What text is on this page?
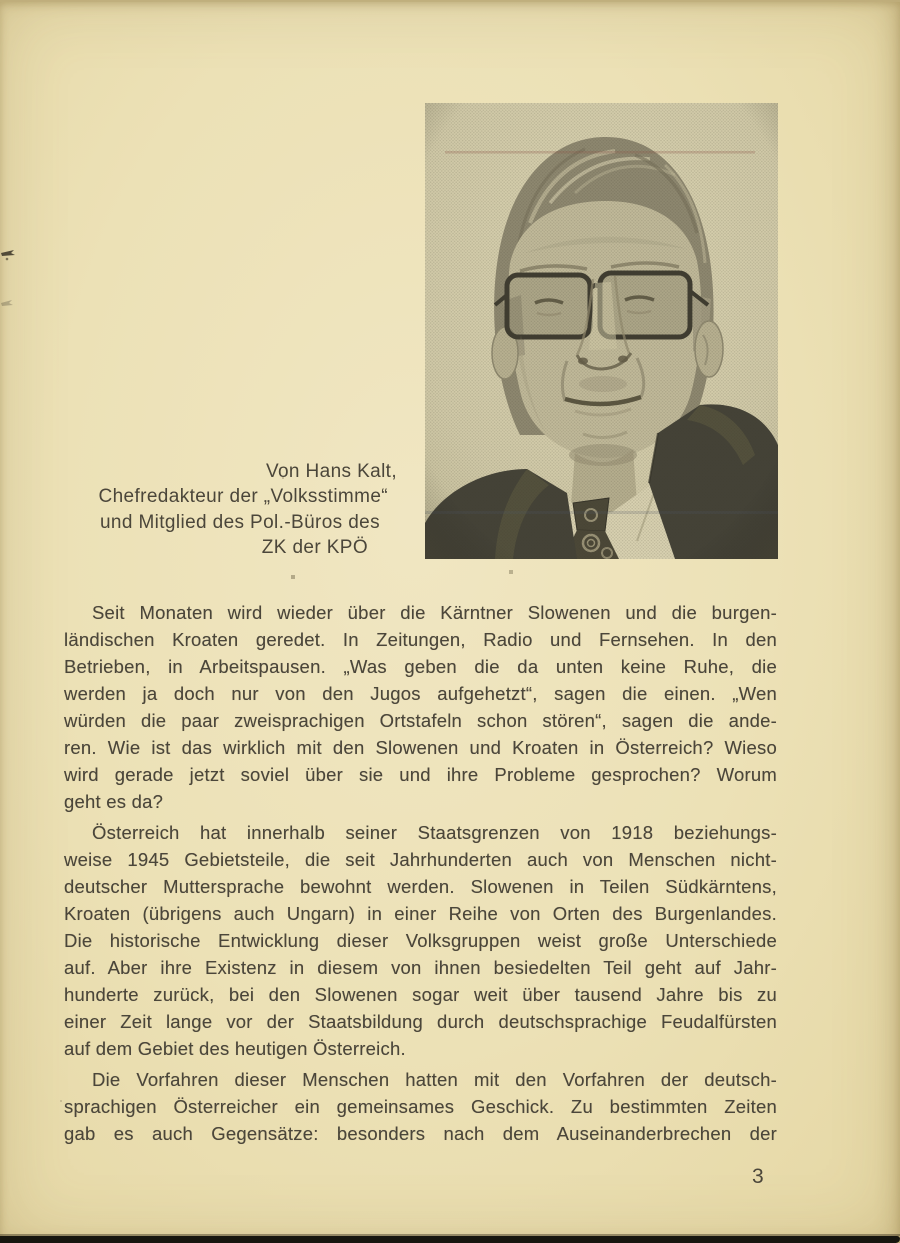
Von Hans Kalt,
Chefredakteur der „Volksstimme“
und Mitglied des Pol.-Büros des
ZK der KPÖ
Seit Monaten wird wieder über die Kärntner Slowenen und die burgen-
ländischen Kroaten geredet. In Zeitungen, Radio und Fernsehen. In den
Betrieben, in Arbeitspausen. „Was geben die da unten keine Ruhe, die
werden ja doch nur von den Jugos aufgehetzt“, sagen die einen. „Wen
würden die paar zweisprachigen Ortstafeln schon stören“, sagen die ande-
ren. Wie ist das wirklich mit den Slowenen und Kroaten in Österreich? Wieso
wird gerade jetzt soviel über sie und ihre Probleme gesprochen? Worum
geht es da?
Österreich hat innerhalb seiner Staatsgrenzen von 1918 beziehungs-
weise 1945 Gebietsteile, die seit Jahrhunderten auch von Menschen nicht-
deutscher Muttersprache bewohnt werden. Slowenen in Teilen Südkärntens,
Kroaten (übrigens auch Ungarn) in einer Reihe von Orten des Burgenlandes.
Die historische Entwicklung dieser Volksgruppen weist große Unterschiede
auf. Aber ihre Existenz in diesem von ihnen besiedelten Teil geht auf Jahr-
hunderte zurück, bei den Slowenen sogar weit über tausend Jahre bis zu
einer Zeit lange vor der Staatsbildung durch deutschsprachige Feudalfürsten
auf dem Gebiet des heutigen Österreich.
Die Vorfahren dieser Menschen hatten mit den Vorfahren der deutsch-
sprachigen Österreicher ein gemeinsames Geschick. Zu bestimmten Zeiten
gab es auch Gegensätze: besonders nach dem Auseinanderbrechen der
3
